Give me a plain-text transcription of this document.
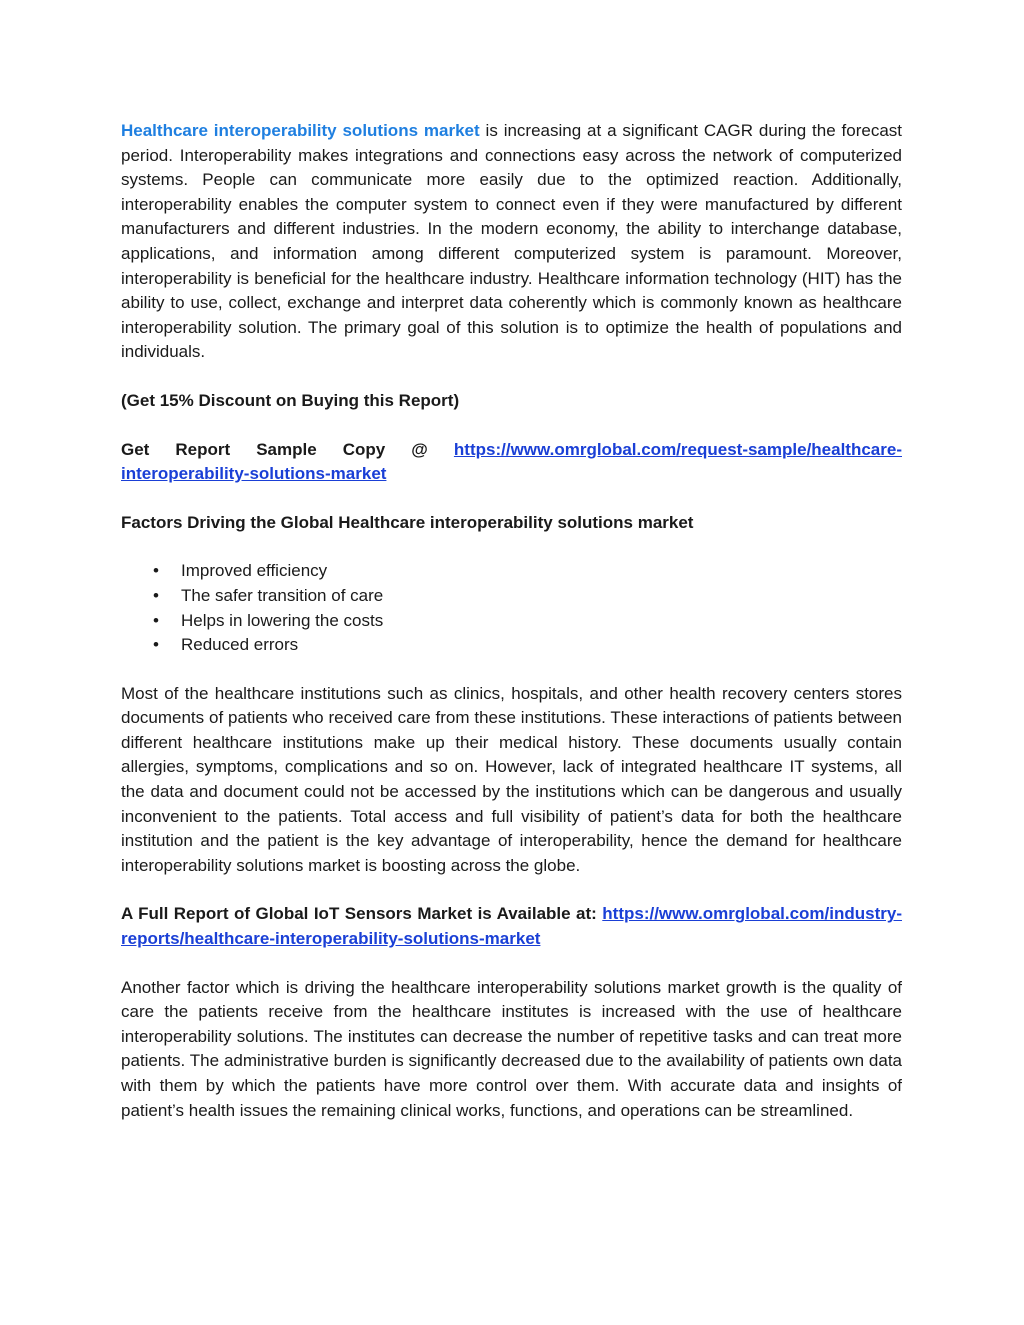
Healthcare interoperability solutions market is increasing at a significant CAGR during the forecast period. Interoperability makes integrations and connections easy across the network of computerized systems. People can communicate more easily due to the optimized reaction. Additionally, interoperability enables the computer system to connect even if they were manufactured by different manufacturers and different industries. In the modern economy, the ability to interchange database, applications, and information among different computerized system is paramount. Moreover, interoperability is beneficial for the healthcare industry. Healthcare information technology (HIT) has the ability to use, collect, exchange and interpret data coherently which is commonly known as healthcare interoperability solution. The primary goal of this solution is to optimize the health of populations and individuals.

(Get 15% Discount on Buying this Report)

Get Report Sample Copy @ https://www.omrglobal.com/request-sample/healthcare-interoperability-solutions-market

Factors Driving the Global Healthcare interoperability solutions market

• Improved efficiency
• The safer transition of care
• Helps in lowering the costs
• Reduced errors

Most of the healthcare institutions such as clinics, hospitals, and other health recovery centers stores documents of patients who received care from these institutions. These interactions of patients between different healthcare institutions make up their medical history. These documents usually contain allergies, symptoms, complications and so on. However, lack of integrated healthcare IT systems, all the data and document could not be accessed by the institutions which can be dangerous and usually inconvenient to the patients. Total access and full visibility of patient’s data for both the healthcare institution and the patient is the key advantage of interoperability, hence the demand for healthcare interoperability solutions market is boosting across the globe.

A Full Report of Global IoT Sensors Market is Available at: https://www.omrglobal.com/industry-reports/healthcare-interoperability-solutions-market

Another factor which is driving the healthcare interoperability solutions market growth is the quality of care the patients receive from the healthcare institutes is increased with the use of healthcare interoperability solutions. The institutes can decrease the number of repetitive tasks and can treat more patients. The administrative burden is significantly decreased due to the availability of patients own data with them by which the patients have more control over them. With accurate data and insights of patient’s health issues the remaining clinical works, functions, and operations can be streamlined.
